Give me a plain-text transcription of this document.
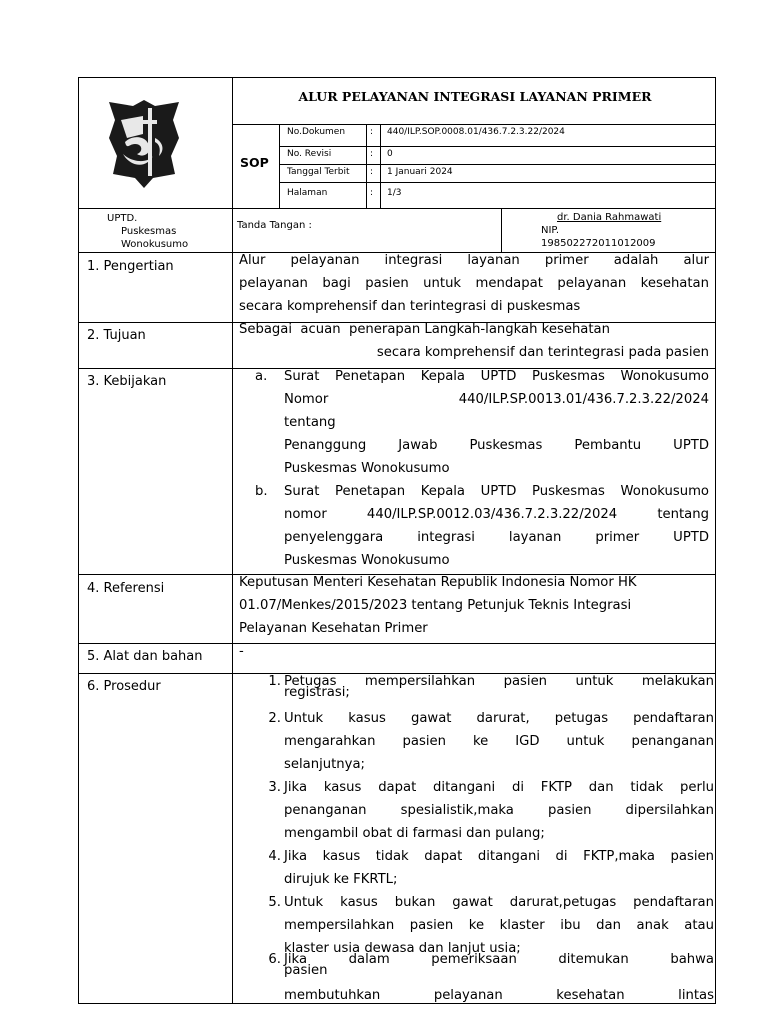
ALUR PELAYANAN INTEGRASI LAYANAN PRIMER
SOP
No.Dokumen	: 440/ILP.SOP.0008.01/436.7.2.3.22/2024
No. Revisi	: 0
Tanggal Terbit : 1 Januari 2024
Halaman	: 1/3
UPTD.
Puskesmas
Wonokusumo
Tanda Tangan :
dr. Dania Rahmawati
NIP.
198502272011012009
1. Pengertian	Alur pelayanan integrasi layanan primer adalah alur
pelayanan bagi pasien untuk mendapat pelayanan kesehatan
secara komprehensif dan terintegrasi di puskesmas
2. Tujuan	Sebagai  acuan  penerapan Langkah-langkah kesehatan
secara komprehensif dan terintegrasi pada pasien
3. Kebijakan	a. Surat Penetapan Kepala UPTD Puskesmas Wonokusumo
Nomor 440/ILP.SP.0013.01/436.7.2.3.22/2024
tentang
Penanggung Jawab Puskesmas Pembantu UPTD
Puskesmas Wonokusumo
b. Surat Penetapan Kepala UPTD Puskesmas Wonokusumo
nomor 440/ILP.SP.0012.03/436.7.2.3.22/2024 tentang
penyelenggara integrasi layanan primer UPTD
Puskesmas Wonokusumo
4. Referensi	Keputusan Menteri Kesehatan Republik Indonesia Nomor HK
01.07/Menkes/2015/2023 tentang Petunjuk Teknis Integrasi
Pelayanan Kesehatan Primer
5. Alat dan bahan	-
6. Prosedur	1. Petugas mempersilahkan pasien untuk melakukan
registrasi;
2. Untuk kasus gawat darurat, petugas pendaftaran
mengarahkan pasien ke IGD untuk penanganan
selanjutnya;
3. Jika kasus dapat ditangani di FKTP dan tidak perlu
penanganan spesialistik,maka pasien dipersilahkan
mengambil obat di farmasi dan pulang;
4. Jika kasus tidak dapat ditangani di FKTP,maka pasien
dirujuk ke FKRTL;
5. Untuk kasus bukan gawat darurat,petugas pendaftaran
mempersilahkan pasien ke klaster ibu dan anak atau
klaster usia dewasa dan lanjut usia;
6. Jika dalam pemeriksaan ditemukan bahwa
pasien
membutuhkan pelayanan kesehatan lintas
